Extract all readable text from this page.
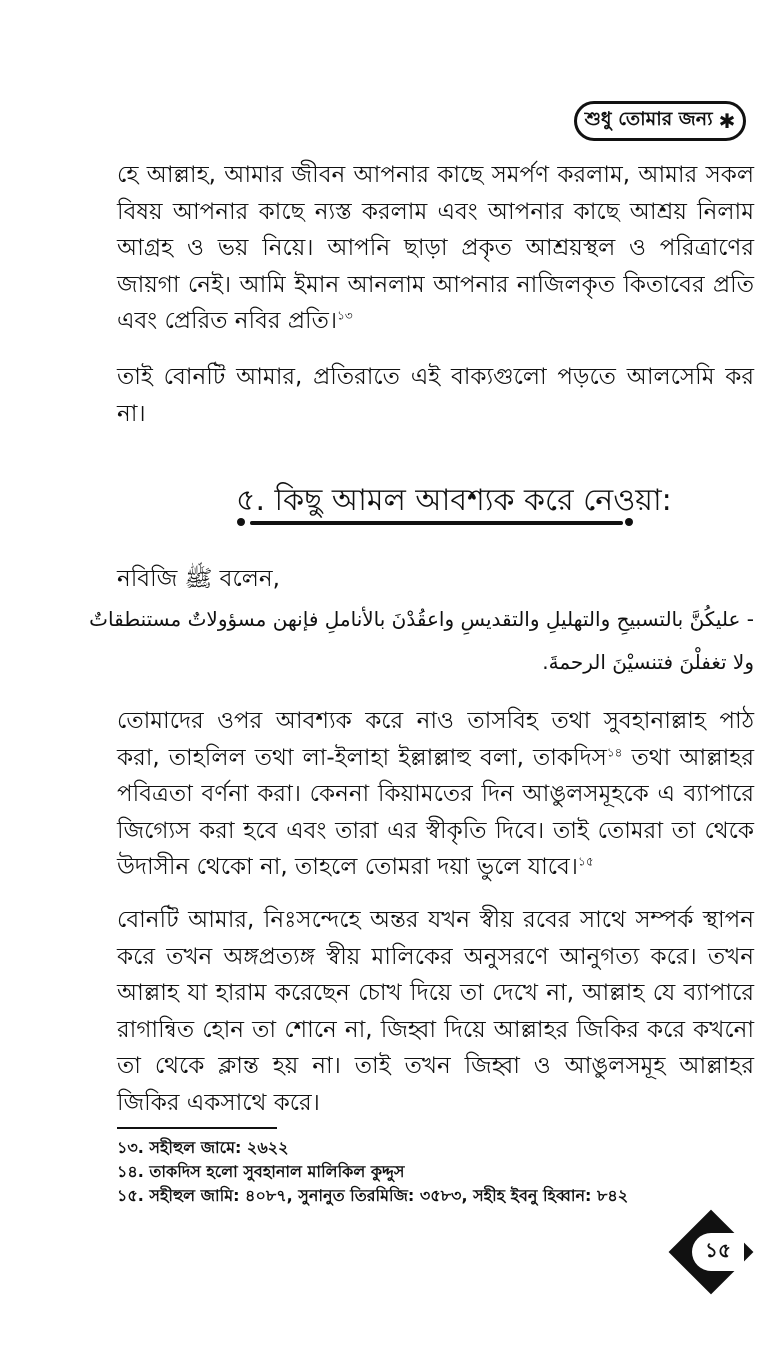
শুধু তোমার জন্য ✱

হে আল্লাহ, আমার জীবন আপনার কাছে সমর্পণ করলাম, আমার সকল বিষয় আপনার কাছে ন্যস্ত করলাম এবং আপনার কাছে আশ্রয় নিলাম আগ্রহ ও ভয় নিয়ে। আপনি ছাড়া প্রকৃত আশ্রয়স্থল ও পরিত্রাণের জায়গা নেই। আমি ইমান আনলাম আপনার নাজিলকৃত কিতাবের প্রতি এবং প্রেরিত নবির প্রতি।$^{১৩}$

তাই বোনটি আমার, প্রতিরাতে এই বাক্যগুলো পড়তে আলসেমি কর না।

৫. কিছু আমল আবশ্যক করে নেওয়া:
নবিজি ﷺ বলেন,
- عليكُنَّ بالتسبيحِ والتهليلِ والتقديسِ واعقُدْنَ بالأناملِ فإنهن مسؤولاتٌ مستنطقاتٌ
ولا تغفلْنَ فتنسيْنَ الرحمةَ.

তোমাদের ওপর আবশ্যক করে নাও তাসবিহ তথা সুবহানাল্লাহ পাঠ করা, তাহলিল তথা লা-ইলাহা ইল্লাল্লাহু বলা, তাকদিস$^{১৪}$ তথা আল্লাহর পবিত্রতা বর্ণনা করা। কেননা কিয়ামতের দিন আঙুলসমূহকে এ ব্যাপারে জিগ্যেস করা হবে এবং তারা এর স্বীকৃতি দিবে। তাই তোমরা তা থেকে উদাসীন থেকো না, তাহলে তোমরা দয়া ভুলে যাবে।$^{১৫}$

বোনটি আমার, নিঃসন্দেহে অন্তর যখন স্বীয় রবের সাথে সম্পর্ক স্থাপন করে তখন অঙ্গপ্রত্যঙ্গ স্বীয় মালিকের অনুসরণে আনুগত্য করে। তখন আল্লাহ যা হারাম করেছেন চোখ দিয়ে তা দেখে না, আল্লাহ যে ব্যাপারে রাগান্বিত হোন তা শোনে না, জিহ্বা দিয়ে আল্লাহর জিকির করে কখনো তা থেকে ক্লান্ত হয় না। তাই তখন জিহ্বা ও আঙুলসমূহ আল্লাহর জিকির একসাথে করে।

১৩. সহীহুল জামে: ২৬২২
১৪. তাকদিস হলো সুবহানাল মালিকিল কুদ্দুস
১৫. সহীহুল জামি: ৪০৮৭, সুনানুত তিরমিজি: ৩৫৮৩, সহীহ ইবনু হিব্বান: ৮৪২
১৫
